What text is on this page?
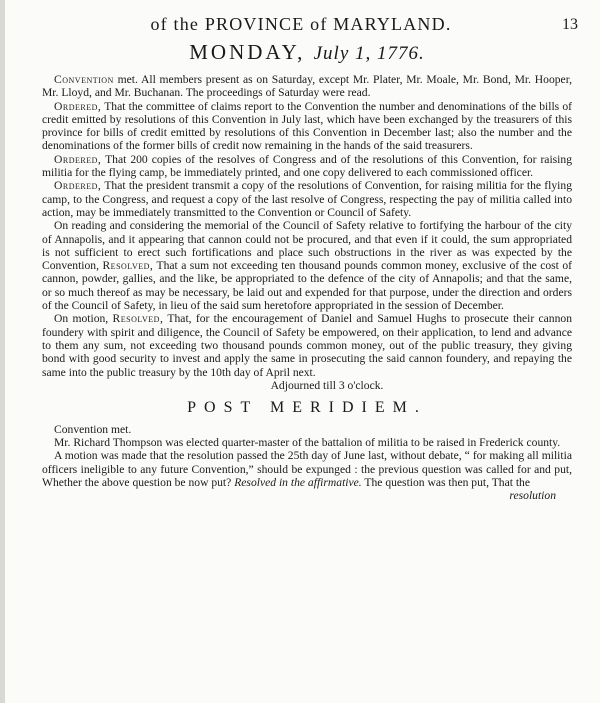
of the PROVINCE of MARYLAND.	13
MONDAY, July 1, 1776.

Convention met. All members present as on Saturday, except Mr. Plater, Mr. Moale, Mr. Bond, Mr. Hooper, Mr. Lloyd, and Mr. Buchanan. The proceedings of Saturday were read.

Ordered, That the committee of claims report to the Convention the number and denominations of the bills of credit emitted by resolutions of this Convention in July last, which have been exchanged by the treasurers of this province for bills of credit emitted by resolutions of this Convention in December last; also the number and the denominations of the former bills of credit now remaining in the hands of the said treasurers.

Ordered, That 200 copies of the resolves of Congress and of the resolutions of this Convention, for raising militia for the flying camp, be immediately printed, and one copy delivered to each commissioned officer.

Ordered, That the president transmit a copy of the resolutions of Convention, for raising militia for the flying camp, to the Congress, and request a copy of the last resolve of Congress, respecting the pay of militia called into action, may be immediately transmitted to the Convention or Council of Safety.

On reading and considering the memorial of the Council of Safety relative to fortifying the harbour of the city of Annapolis, and it appearing that cannon could not be procured, and that even if it could, the sum appropriated is not sufficient to erect such fortifications and place such obstructions in the river as was expected by the Convention, Resolved, That a sum not exceeding ten thousand pounds common money, exclusive of the cost of cannon, powder, gallies, and the like, be appropriated to the defence of the city of Annapolis; and that the same, or so much thereof as may be necessary, be laid out and expended for that purpose, under the direction and orders of the Council of Safety, in lieu of the said sum heretofore appropriated in the session of December.

On motion, Resolved, That, for the encouragement of Daniel and Samuel Hughs to prosecute their cannon foundery with spirit and diligence, the Council of Safety be empowered, on their application, to lend and advance to them any sum, not exceeding two thousand pounds common money, out of the public treasury, they giving bond with good security to invest and apply the same in prosecuting the said cannon foundery, and repaying the same into the public treasury by the 10th day of April next.

Adjourned till 3 o'clock.
POST MERIDIEM.

Convention met.

Mr. Richard Thompson was elected quarter-master of the battalion of militia to be raised in Frederick county.

A motion was made that the resolution passed the 25th day of June last, without debate, “ for making all militia officers ineligible to any future Convention,” should be expunged : the previous question was called for and put, Whether the above question be now put? Resolved in the affirmative. The question was then put, That the

resolution
